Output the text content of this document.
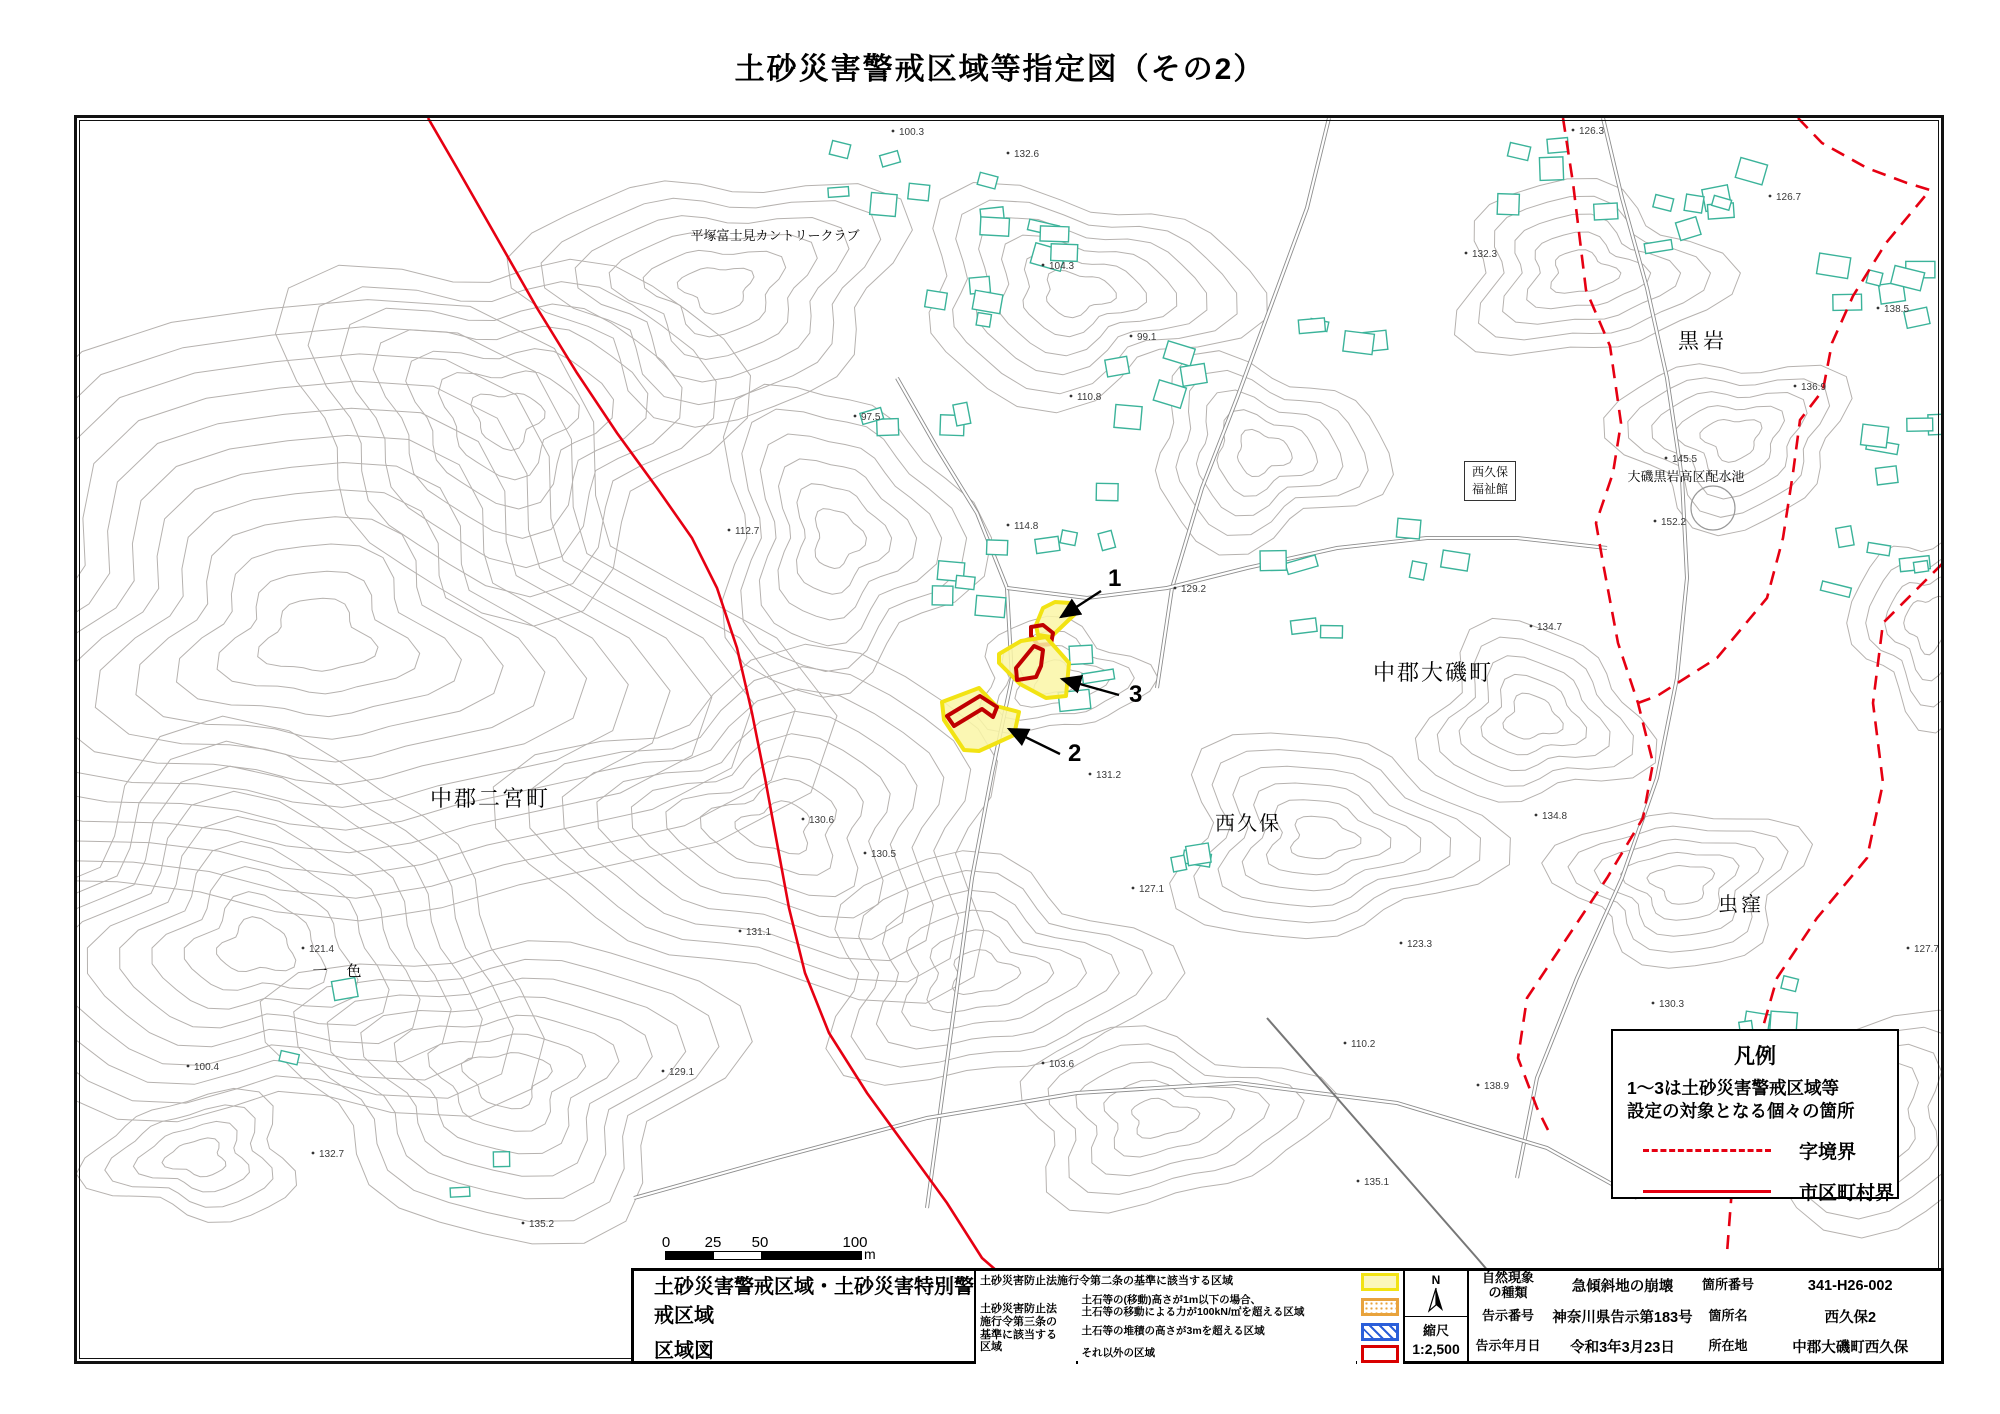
土砂災害警戒区域等指定図（その2）
1
3
2
100.3
132.6
126.3
104.3
99.1
132.3
126.7
110.8
97.5
114.8
112.7
129.2
134.7
131.2
130.6
130.5
131.1
127.1
123.3
121.4
134.8
100.4	129.1
103.6
110.2
138.9
130.3
132.7
135.1
135.2
145.5
152.2
138.5
136.9
127.7
平塚富士見カントリークラブ
中郡大磯町
中郡二宮町
西久保
一　色
黒岩
虫窪
大磯黒岩高区配水池
西久保
福祉館
凡例
1～3は土砂災害警戒区域等
設定の対象となる個々の箇所
字境界
市区町村界
0 25 50	100
m
土砂災害警戒区域・土砂災害特別警戒区域
区域図
土砂災害防止法施行令第二条の基準に該当する区域
土砂災害防止法
施行令第三条の
基準に該当する
区域
土石等の(移動)高さが1m以下の場合、
土石等の移動による力が100kN/㎡を超える区域
土石等の堆積の高さが3mを超える区域
それ以外の区域
N
縮尺
1:2,500
自然現象
の種類	急傾斜地の崩壊	箇所番号	341-H26-002
告示番号	神奈川県告示第183号	箇所名	西久保2
告示年月日	令和3年3月23日	所在地	中郡大磯町西久保
